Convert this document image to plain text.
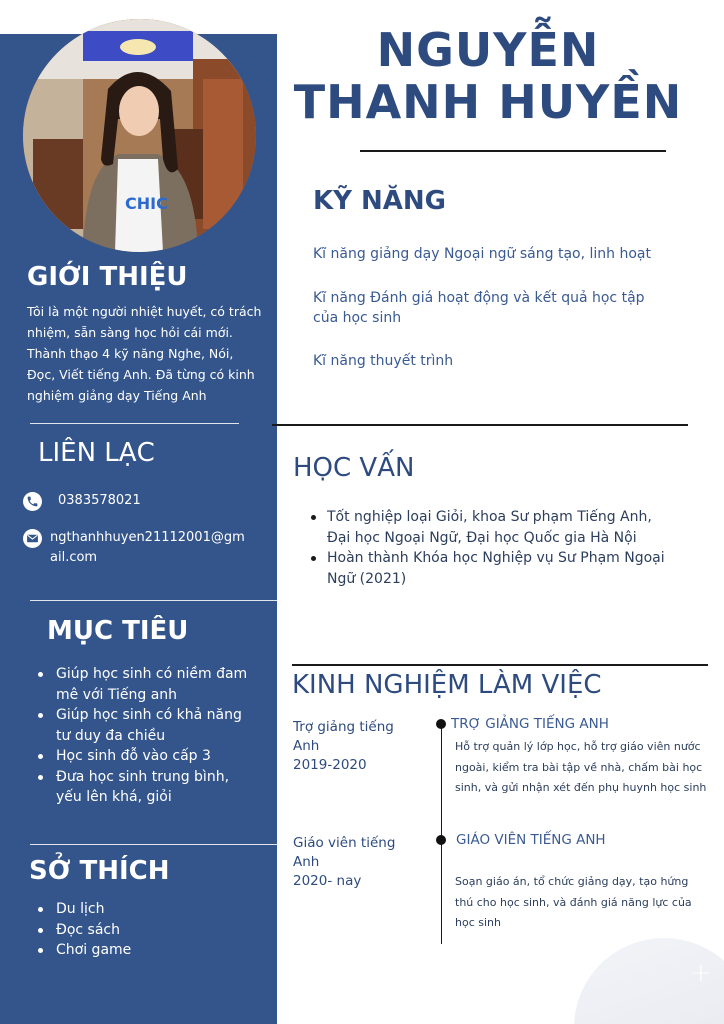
CHIC
GIỚI THIỆU
Tôi là một người nhiệt huyết, có trách nhiệm, sẵn sàng học hỏi cái mới. Thành thạo 4 kỹ năng Nghe, Nói, Đọc, Viết tiếng Anh. Đã từng có kinh nghiệm giảng dạy Tiếng Anh
LIÊN LẠC
0383578021
ngthanhhuyen21112001@gm
ail.com
MỤC TIÊU
Giúp học sinh có niềm đam mê với Tiếng anh
Giúp học sinh có khả năng tư duy đa chiều
Học sinh đỗ vào cấp 3
Đưa học sinh trung bình, yếu lên khá, giỏi
SỞ THÍCH
Du lịch
Đọc sách
Chơi game
NGUYỄN
THANH HUYỀN
KỸ NĂNG
Kĩ năng giảng dạy Ngoại ngữ sáng tạo, linh hoạt
Kĩ năng Đánh giá hoạt động và kết quả học tập của học sinh
Kĩ năng thuyết trình
HỌC VẤN
Tốt nghiệp loại Giỏi, khoa Sư phạm Tiếng Anh, Đại học Ngoại Ngữ, Đại học Quốc gia Hà Nội
Hoàn thành Khóa học Nghiệp vụ Sư Phạm Ngoại Ngữ (2021)
KINH NGHIỆM LÀM VIỆC
Trợ giảng tiếng
Anh
2019-2020
TRỢ GIẢNG TIẾNG ANH
Hỗ trợ quản lý lớp học, hỗ trợ giáo viên nước ngoài, kiểm tra bài tập về nhà, chấm bài học sinh, và gửi nhận xét đến phụ huynh học sinh
Giáo viên tiếng
Anh
2020- nay
GIÁO VIÊN TIẾNG ANH
Soạn giáo án, tổ chức giảng dạy, tạo hứng thú cho học sinh, và đánh giá năng lực của học sinh
+
